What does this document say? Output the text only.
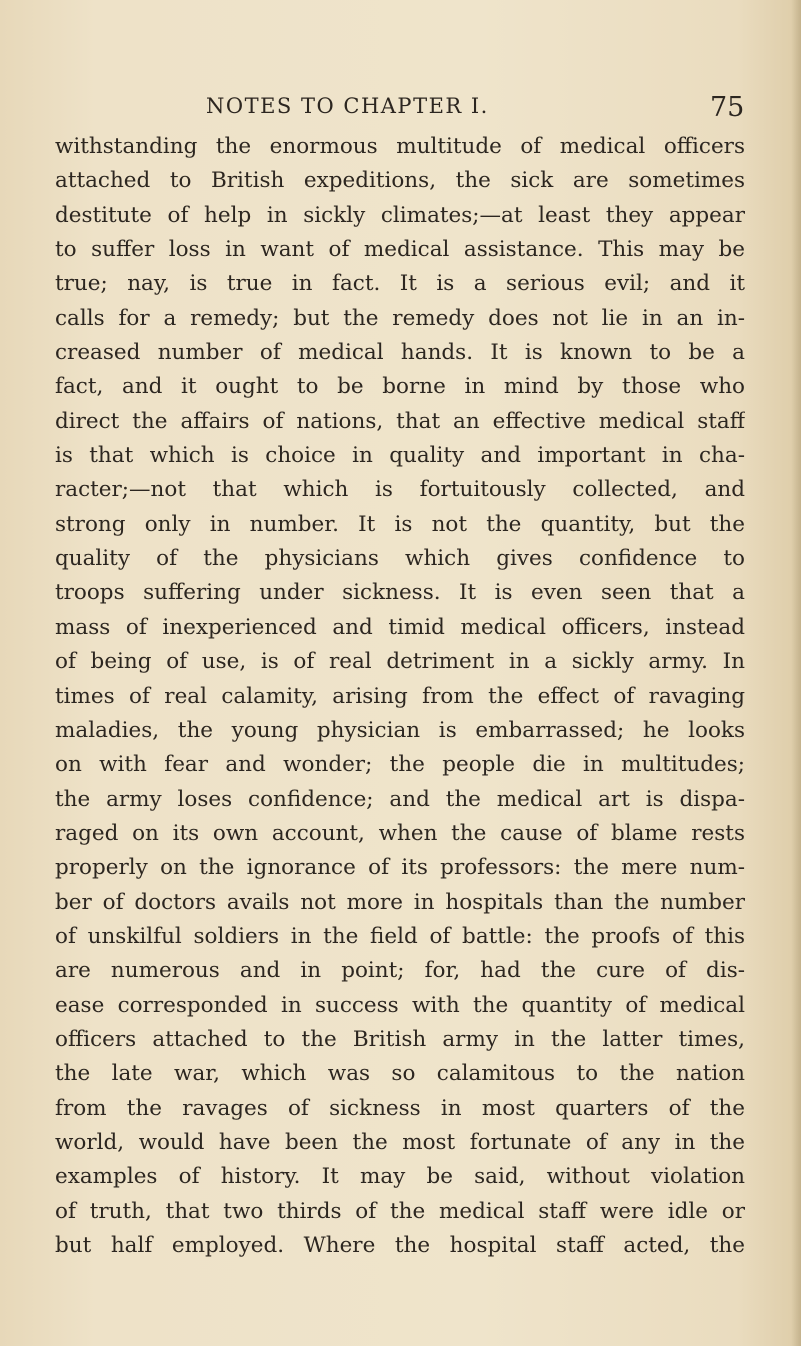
NOTES TO CHAPTER I.	75
withstanding the enormous multitude of medical officers
attached to British expeditions, the sick are sometimes
destitute of help in sickly climates;—at least they appear
to suffer loss in want of medical assistance. This may be
true; nay, is true in fact. It is a serious evil; and it
calls for a remedy; but the remedy does not lie in an in-
creased number of medical hands. It is known to be a
fact, and it ought to be borne in mind by those who
direct the affairs of nations, that an effective medical staff
is that which is choice in quality and important in cha-
racter;—not that which is fortuitously collected, and
strong only in number. It is not the quantity, but the
quality of the physicians which gives confidence to
troops suffering under sickness. It is even seen that a
mass of inexperienced and timid medical officers, instead
of being of use, is of real detriment in a sickly army. In
times of real calamity, arising from the effect of ravaging
maladies, the young physician is embarrassed; he looks
on with fear and wonder; the people die in multitudes;
the army loses confidence; and the medical art is dispa-
raged on its own account, when the cause of blame rests
properly on the ignorance of its professors: the mere num-
ber of doctors avails not more in hospitals than the number
of unskilful soldiers in the field of battle: the proofs of this
are numerous and in point; for, had the cure of dis-
ease corresponded in success with the quantity of medical
officers attached to the British army in the latter times,
the late war, which was so calamitous to the nation
from the ravages of sickness in most quarters of the
world, would have been the most fortunate of any in the
examples of history. It may be said, without violation
of truth, that two thirds of the medical staff were idle or
but half employed. Where the hospital staff acted, the
